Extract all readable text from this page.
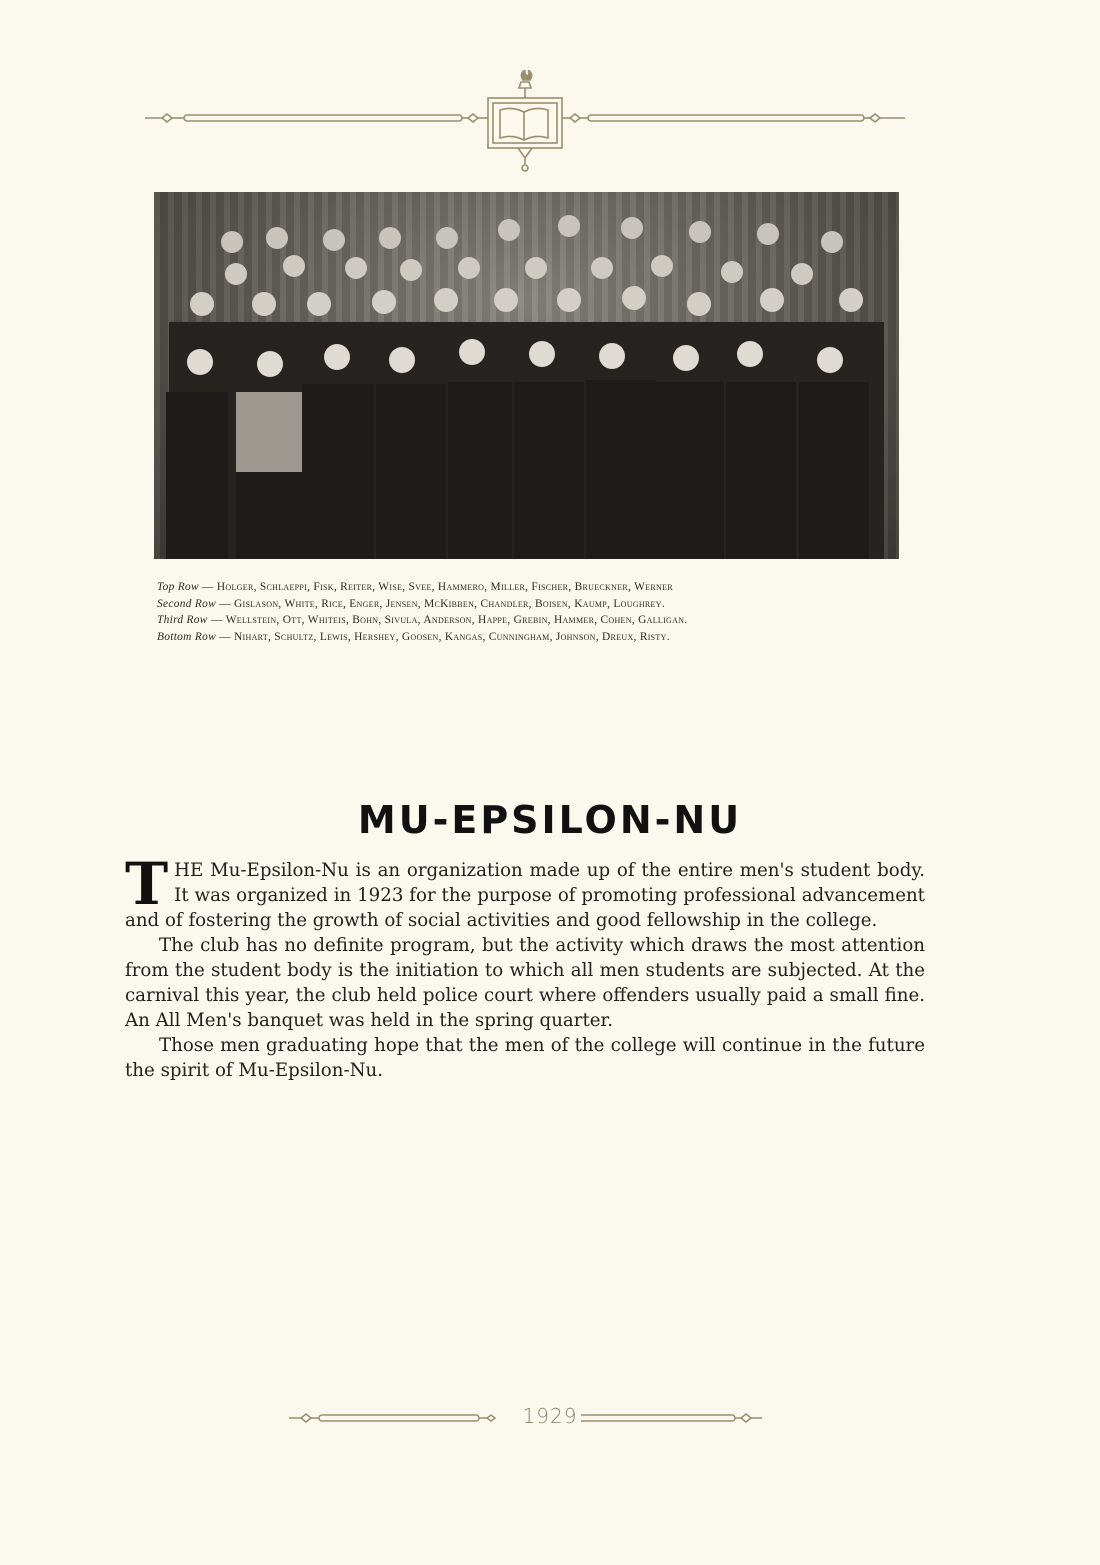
Top Row — Holger, Schlaeppi, Fisk, Reiter, Wise, Svee, Hammero, Miller, Fischer, Brueckner, Werner
Second Row — Gislason, White, Rice, Enger, Jensen, McKibben, Chandler, Boisen, Kaump, Loughrey.
Third Row — Wellstein, Ott, Whiteis, Bohn, Sivula, Anderson, Happe, Grebin, Hammer, Cohen, Galligan.
Bottom Row — Nihart, Schultz, Lewis, Hershey, Goosen, Kangas, Cunningham, Johnson, Dreux, Risty.
MU-EPSILON-NU

THE Mu-Epsilon-Nu is an organization made up of the entire men's student body. It was organized in 1923 for the purpose of promoting professional advancement and of fostering the growth of social activities and good fellowship in the college.

The club has no definite program, but the activity which draws the most attention from the student body is the initiation to which all men students are subjected. At the carnival this year, the club held police court where offenders usually paid a small fine. An All Men's banquet was held in the spring quarter.

Those men graduating hope that the men of the college will continue in the future the spirit of Mu-Epsilon-Nu.

1929
